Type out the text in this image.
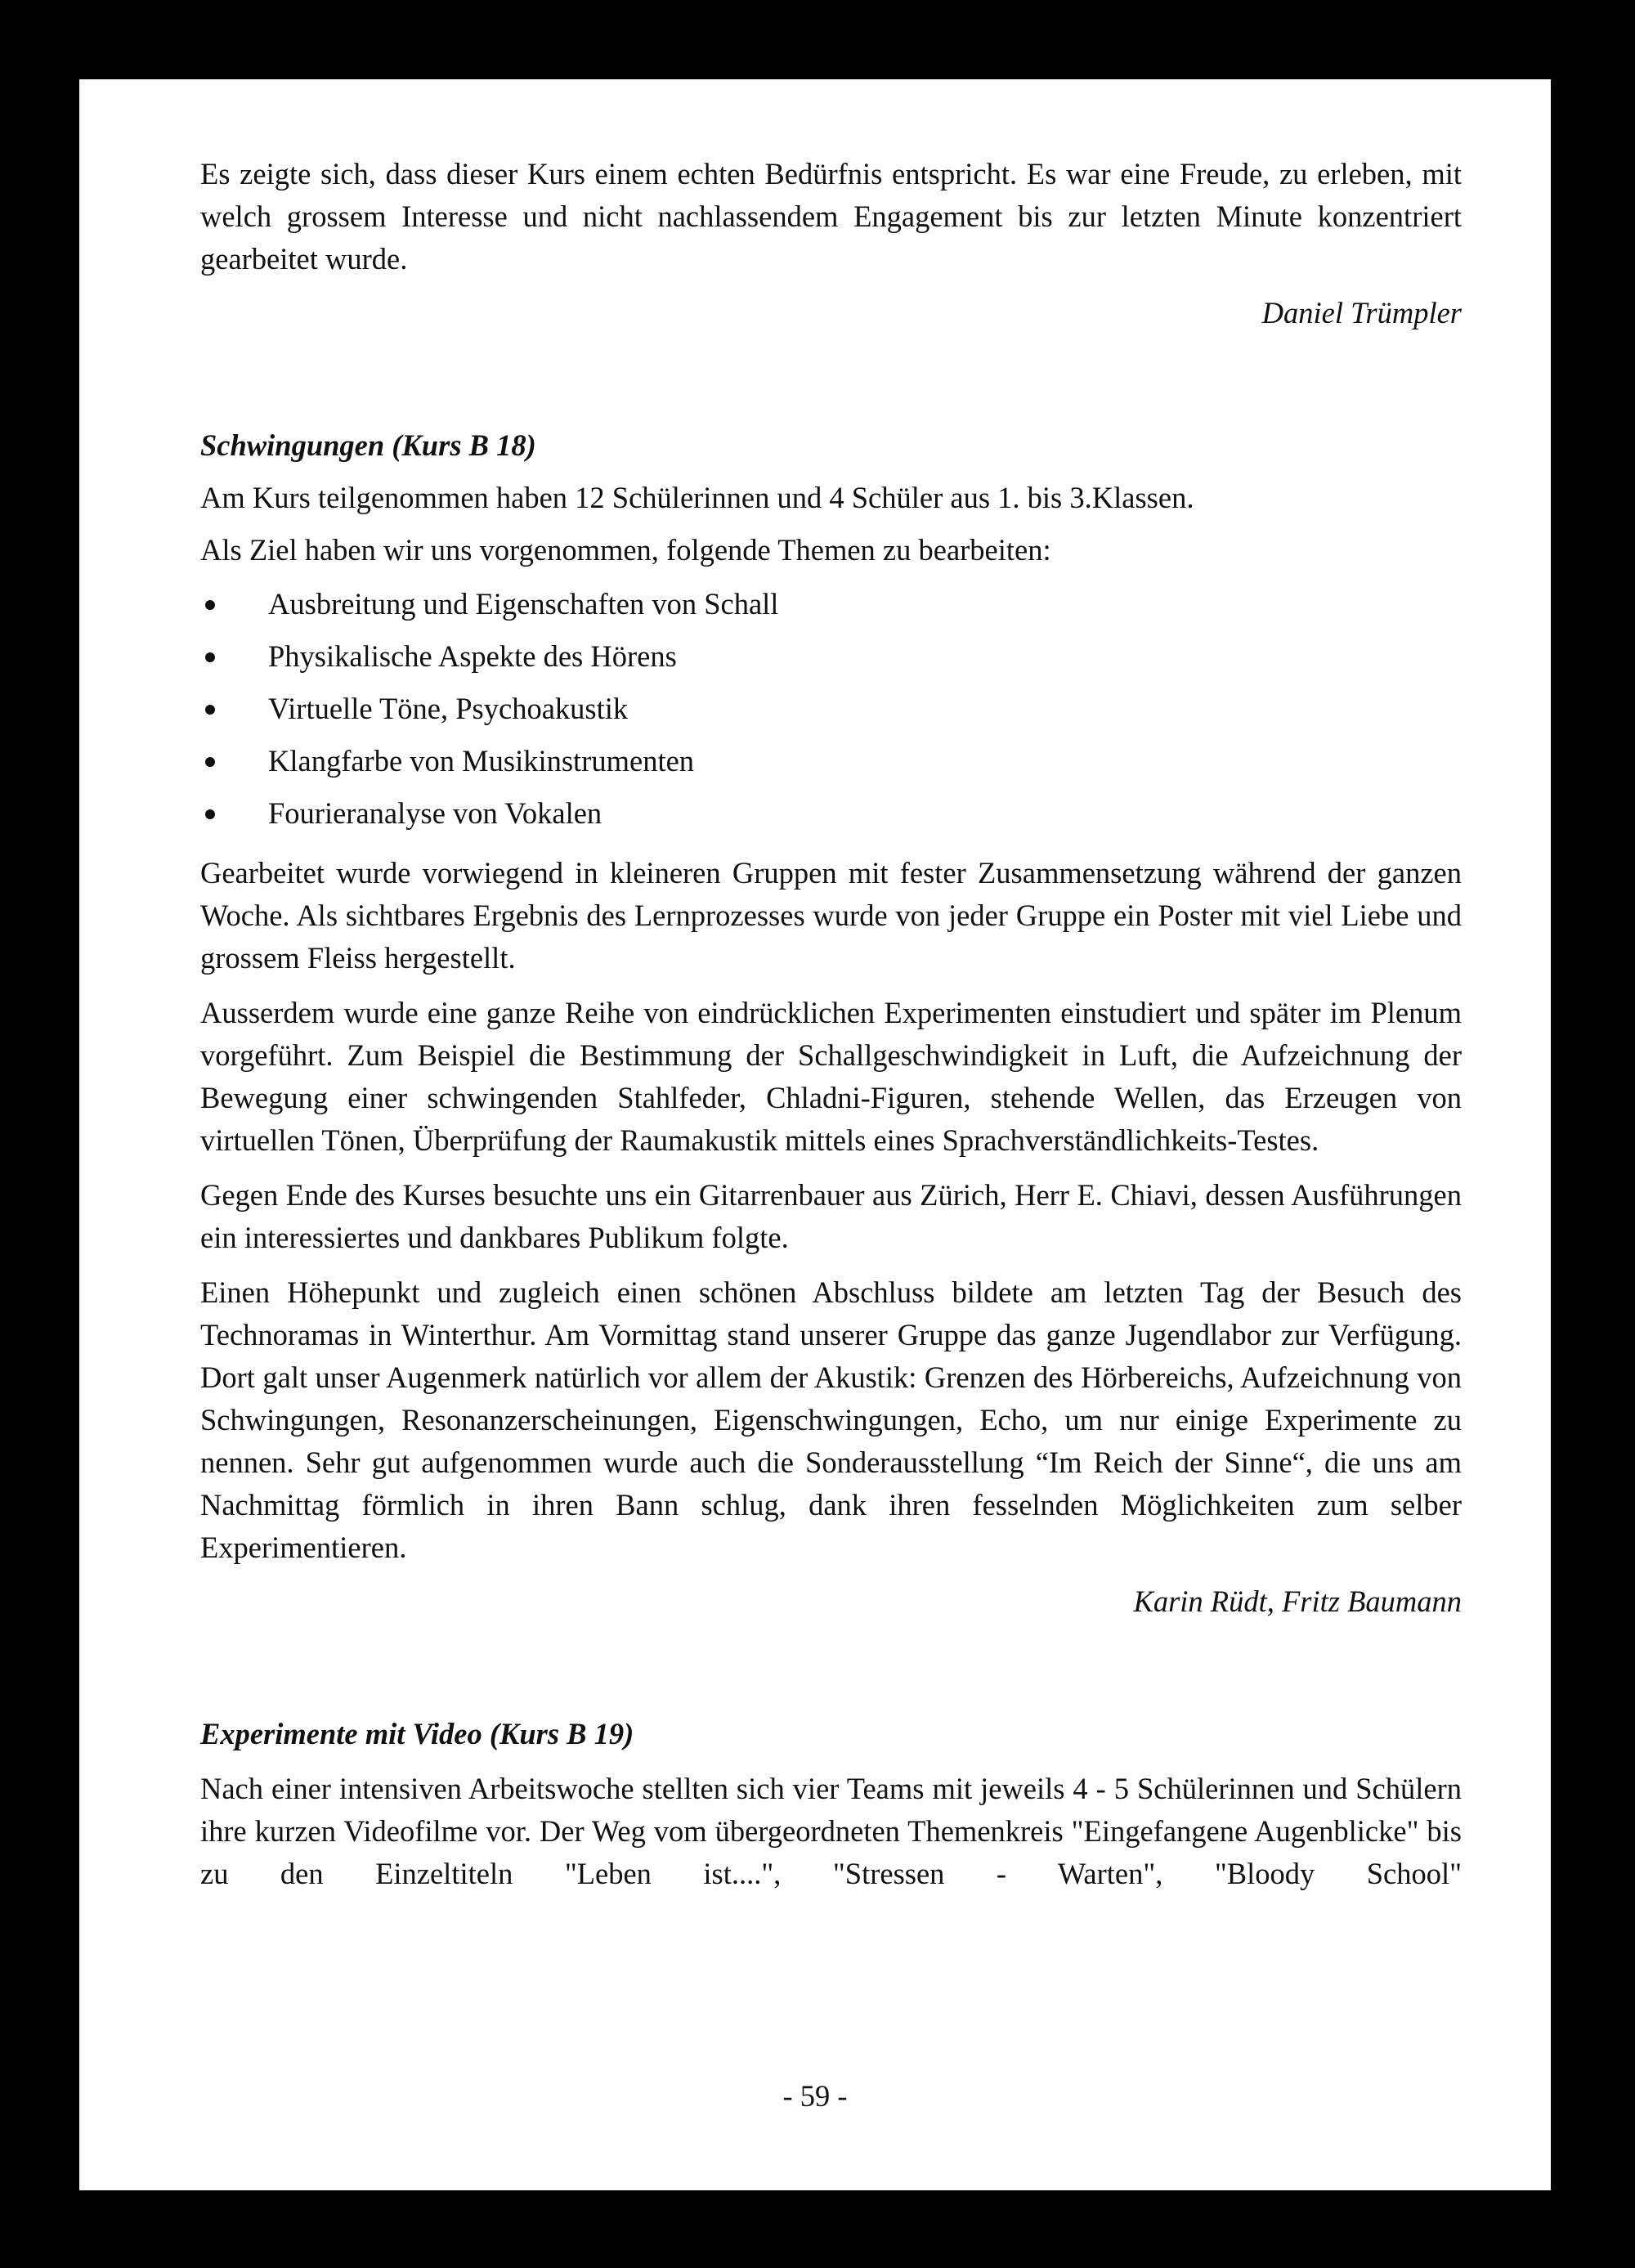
Es zeigte sich, dass dieser Kurs einem echten Bedürfnis entspricht. Es war eine Freude, zu erleben, mit welch grossem Interesse und nicht nachlassendem Engagement bis zur letzten Minute konzentriert gearbeitet wurde.

Daniel Trümpler

Schwingungen (Kurs B 18)

Am Kurs teilgenommen haben 12 Schülerinnen und 4 Schüler aus 1. bis 3.Klassen.

Als Ziel haben wir uns vorgenommen, folgende Themen zu bearbeiten:

Ausbreitung und Eigenschaften von Schall
Physikalische Aspekte des Hörens
Virtuelle Töne, Psychoakustik
Klangfarbe von Musikinstrumenten
Fourieranalyse von Vokalen

Gearbeitet wurde vorwiegend in kleineren Gruppen mit fester Zusammensetzung während der ganzen Woche. Als sichtbares Ergebnis des Lernprozesses wurde von jeder Gruppe ein Poster mit viel Liebe und grossem Fleiss hergestellt.

Ausserdem wurde eine ganze Reihe von eindrücklichen Experimenten einstudiert und später im Plenum vorgeführt. Zum Beispiel die Bestimmung der Schallgeschwindigkeit in Luft, die Aufzeichnung der Bewegung einer schwingenden Stahlfeder, Chladni-Figuren, stehende Wellen, das Erzeugen von virtuellen Tönen, Überprüfung der Raumakustik mittels eines Sprachverständlichkeits-Testes.

Gegen Ende des Kurses besuchte uns ein Gitarrenbauer aus Zürich, Herr E. Chiavi, dessen Ausführungen ein interessiertes und dankbares Publikum folgte.

Einen Höhepunkt und zugleich einen schönen Abschluss bildete am letzten Tag der Besuch des Technoramas in Winterthur. Am Vormittag stand unserer Gruppe das ganze Jugendlabor zur Verfügung. Dort galt unser Augenmerk natürlich vor allem der Akustik: Grenzen des Hörbereichs, Aufzeichnung von Schwingungen, Resonanzerscheinungen, Eigenschwingungen, Echo, um nur einige Experimente zu nennen. Sehr gut aufgenommen wurde auch die Sonderausstellung “Im Reich der Sinne“, die uns am Nachmittag förmlich in ihren Bann schlug, dank ihren fesselnden Möglichkeiten zum selber Experimentieren.

Karin Rüdt, Fritz Baumann

Experimente mit Video (Kurs B 19)

Nach einer intensiven Arbeitswoche stellten sich vier Teams mit jeweils 4 - 5 Schülerinnen und Schülern ihre kurzen Videofilme vor. Der Weg vom übergeordneten Themenkreis "Eingefangene Augenblicke" bis zu den Einzeltiteln "Leben ist....", "Stressen - Warten", "Bloody School"

- 59 -
